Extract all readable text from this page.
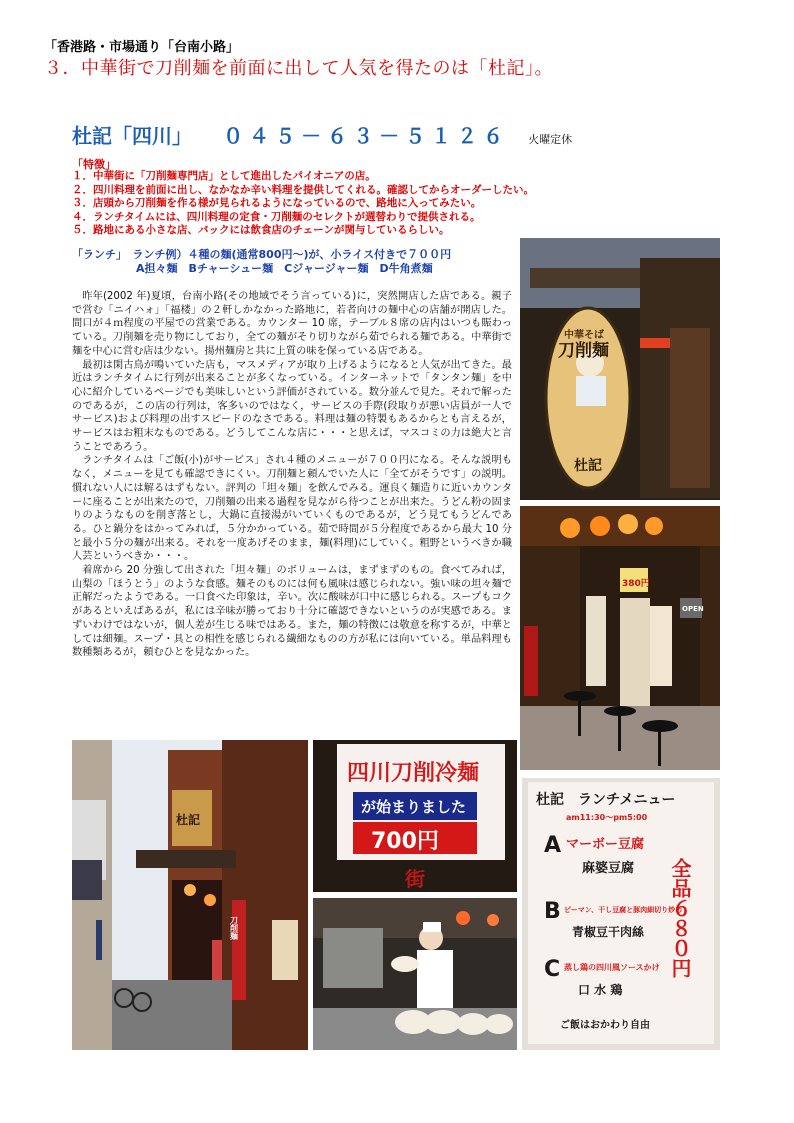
「香港路・市場通り「台南小路」
３．中華街で刀削麺を前面に出して人気を得たのは「杜記」。
杜記「四川」 ０４５－６３－５１２６ 火曜定休
「特徴」
１．中華街に「刀削麺専門店」として進出したパイオニアの店。
２．四川料理を前面に出し、なかなか辛い料理を提供してくれる。確認してからオーダーしたい。
３．店頭から刀削麺を作る様が見られるようになっているので、路地に入ってみたい。
４．ランチタイムには、四川料理の定食・刀削麺のセレクトが週替わりで提供される。
５．路地にある小さな店、バックには飲食店のチェーンが関与しているらしい。
「ランチ」　ランチ例）４種の麺(通常800円～)が、小ライス付きで７００円
A担々麺　Bチャーシュー麺　Cジャージャー麺　D牛角煮麺

昨年(2002 年)夏頃，台南小路(その地域でそう言っている)に，突然開店した店である。親子で営む「ニイハォ」「福楼」の２軒しかなかった路地に，若者向けの麺中心の店舗が開店した。間口が４ｍ程度の平屋での営業である。カウンター 10 席，テーブル８席の店内はいつも賑わっている。刀削麺を売り物にしており，全ての麺がそり切りながら茹でられる麺である。中華街で麺を中心に営む店は少ない。揚州麺房と共に上質の味を保っている店である。

最初は閑古鳥が鳴いていた店も，マスメディアが取り上げるようになると人気が出てきた。最近はランチタイムに行列が出来ることが多くなっている。インターネットで「タンタン麺」を中心に紹介しているページでも美味しいという評価がされている。数分並んで見た。それで解ったのであるが，この店の行列は，客多いのではなく，サービスの手際(段取りが悪い店員が一人でサービス)および料理の出すスピードのなさである。料理は麺の特製もあるからとも言えるが，サービスはお粗末なものである。どうしてこんな店に・・・と思えば，マスコミの力は絶大と言うことであろう。

ランチタイムは「ご飯(小)がサービス」され４種のメニューが７００円になる。そんな説明もなく，メニューを見ても確認できにくい。刀削麺と頼んでいた人に「全てがそうです」の説明。慣れない人には解るはずもない。評判の「坦々麺」を飲んでみる。運良く麺造りに近いカウンターに座ることが出来たので，刀削麺の出来る過程を見ながら待つことが出来た。うどん粉の固まりのようなものを削ぎ落とし，大鍋に直接湯がいていくものであるが，どう見てもうどんである。ひと鍋分をはかってみれば，５分かかっている。茹で時間が５分程度であるから最大 10 分と最小５分の麺が出来る。それを一度あげそのまま，麺(料理)にしていく。粗野というべきか職人芸というべきか・・・。

着席から 20 分強して出された「坦々麺」のボリュームは，まずまずのもの。食べてみれば，山梨の「ほうとう」のような食感。麺そのものには何も風味は感じられない。強い味の坦々麺で正解だったようである。一口食べた印象は，辛い。次に酸味が口中に感じられる。スープもコクがあるといえばあるが，私には辛味が勝っており十分に確認できないというのが実感である。まずいわけではないが，個人差が生じる味ではある。また，麺の特徴には敬意を称するが，中華としては細麺。スープ・具との相性を感じられる繊細なものの方が私には向いている。単品料理も数種類あるが，頼むひとを見なかった。

中華そば
刀削麺
杜記
380円
OPEN
杜記
刀削麺
四川刀削冷麺
が始まりました
700円
街
杜記　ランチメニュー
am11:30～pm5:00
A マーボー豆腐
麻婆豆腐
B ピーマン、干し豆腐と豚肉細切り炒め
青椒豆干肉絲
C 蒸し鶏の四川風ソースかけ
口 水 鶏
全品６８０円
ご飯はおかわり自由
